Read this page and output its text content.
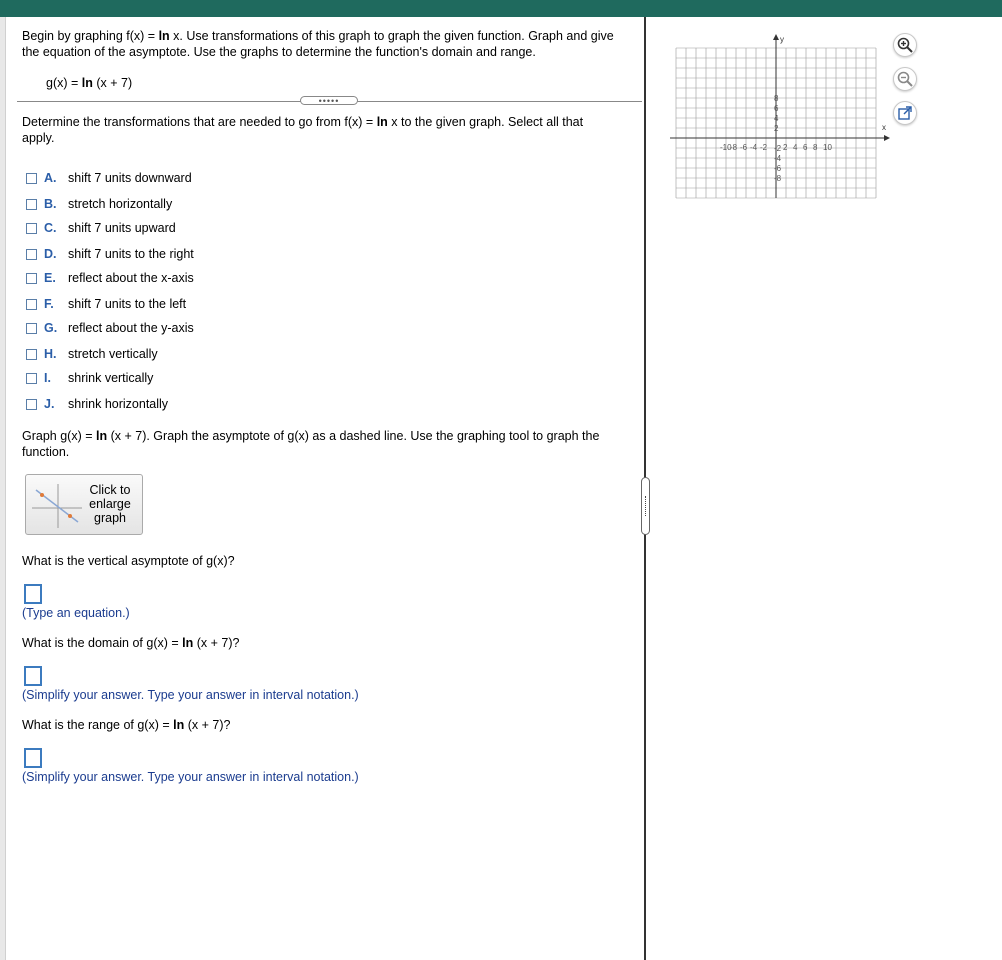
Begin by graphing f(x) = ln x. Use transformations of this graph to graph the given function. Graph and give
the equation of the asymptote. Use the graphs to determine the function's domain and range.
g(x) = ln (x + 7)
•••••
Determine the transformations that are needed to go from f(x) = ln x to the given graph. Select all that
apply.
A. shift 7 units downward
B. stretch horizontally
C. shift 7 units upward
D. shift 7 units to the right
E. reflect about the x-axis
F.	shift 7 units to the left
G. reflect about the y-axis
H. stretch vertically
I.	shrink vertically
J.	shrink horizontally
Graph g(x) = ln (x + 7). Graph the asymptote of g(x) as a dashed line. Use the graphing tool to graph the
function.
Click to
enlarge
graph
What is the vertical asymptote of g(x)?
(Type an equation.)
What is the domain of g(x) = ln (x + 7)?
(Simplify your answer. Type your answer in interval notation.)
What is the range of g(x) = ln (x + 7)?
(Simplify your answer. Type your answer in interval notation.)
x
y
-10
-8 -6 -4 -2 2 4 6 8 10
8
6
4
2
-2
-4
-6
-8
